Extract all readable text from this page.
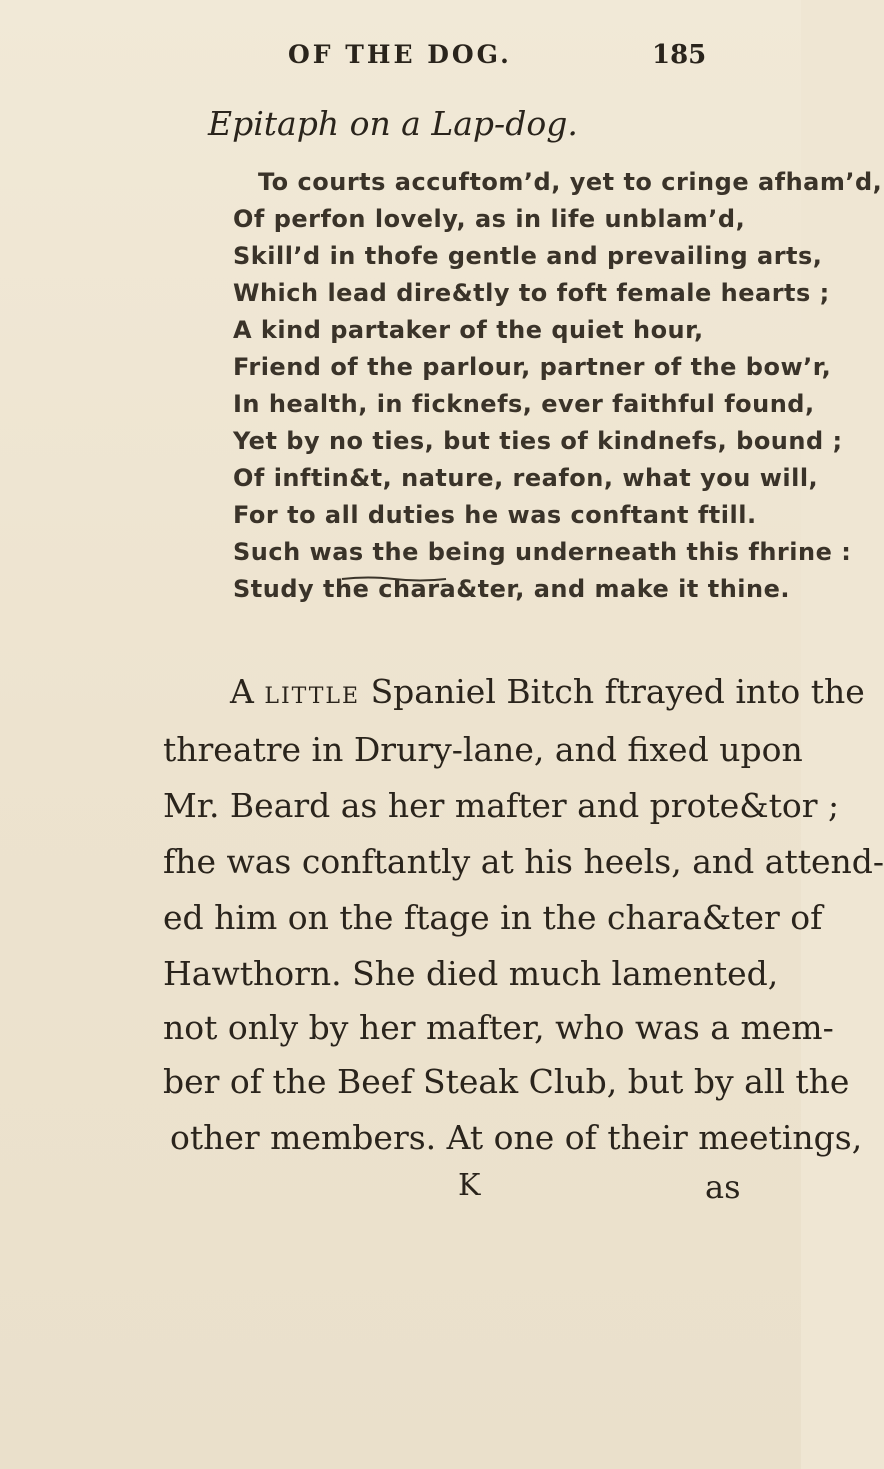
OF THE DOG.	185
Epitaph on a Lap-dog.
To courts accuftom’d, yet to cringe afham’d,
Of perfon lovely, as in life unblam’d,
Skill’d in thofe gentle and prevailing arts,
Which lead dire&tly to foft female hearts ;
A kind partaker of the quiet hour,
Friend of the parlour, partner of the bow’r,
In health, in ficknefs, ever faithful found,
Yet by no ties, but ties of kindnefs, bound ;
Of inftin&t, nature, reafon, what you will,
For to all duties he was conftant ftill.
Such was the being underneath this fhrine :
Study the chara&ter, and make it thine.
A LITTLE Spaniel Bitch ftrayed into the
threatre in Drury-lane, and fixed upon
Mr. Beard as her mafter and prote&tor ;
fhe was conftantly at his heels, and attend-
ed him on the ftage in the chara&ter of
Hawthorn. She died much lamented,
not only by her mafter, who was a mem-
ber of the Beef Steak Club, but by all the
other members. At one of their meetings,
K	as
